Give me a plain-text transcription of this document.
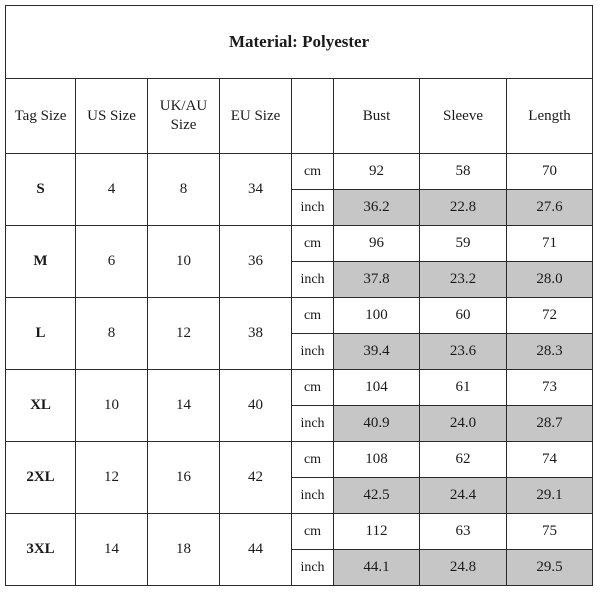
Material: Polyester							
Tag Size	US Size	UK/AU Size	EU Size		Bust	Sleeve	Length
S	4	8	34	cm	92	58	70
				inch	36.2	22.8	27.6
M	6	10	36	cm	96	59	71
				inch	37.8	23.2	28.0
L	8	12	38	cm	100	60	72
				inch	39.4	23.6	28.3
XL	10	14	40	cm	104	61	73
				inch	40.9	24.0	28.7
2XL	12	16	42	cm	108	62	74
				inch	42.5	24.4	29.1
3XL	14	18	44	cm	112	63	75
				inch	44.1	24.8	29.5
